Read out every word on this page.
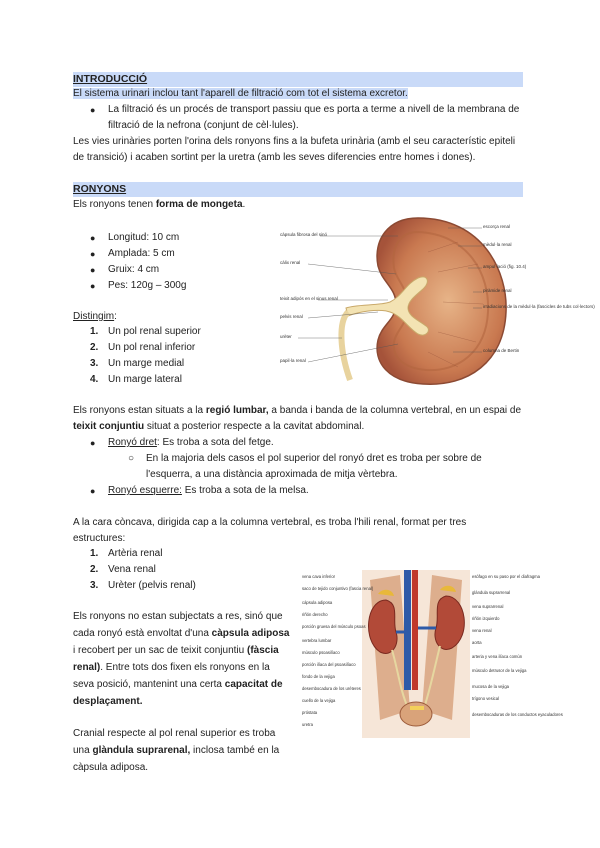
INTRODUCCIÓ
El sistema urinari inclou tant l'aparell de filtració com tot el sistema excretor.
● La filtració és un procés de transport passiu que es porta a terme a nivell de la membrana de
filtració de la nefrona (conjunt de cèl·lules).
Les vies urinàries porten l'orina dels ronyons fins a la bufeta urinària (amb el seu característic epiteli
de transició) i acaben sortint per la uretra (amb les seves diferencies entre homes i dones).
RONYONS
Els ronyons tenen forma de mongeta.
● Longitud: 10 cm
● Amplada: 5 cm
● Gruix: 4 cm
● Pes: 120g – 300g
Distingim:
1. Un pol renal superior
2. Un pol renal inferior
3. Un marge medial
4. Un marge lateral
càpsula fibrosa del sinó
càlix renal
teixit adipós en el sinus renal
pelvis renal
urèter
papil·la renal
escorça renal
mèdul·la renal
ampul·lació (fig. 10.4)
piràmide renal
irradiacions de la mèdul·la (fascicles de tubs col·lectors)
columna de Bertin
Els ronyons estan situats a la regió lumbar, a banda i banda de la columna vertebral, en un espai de
teixit conjuntiu situat a posterior respecte a la cavitat abdominal.
● Ronyó dret: Es troba a sota del fetge.
○ En la majoria dels casos el pol superior del ronyó dret es troba per sobre de
l'esquerra, a una distància aproximada de mitja vèrtebra.
● Ronyó esquerre: Es troba a sota de la melsa.
A la cara còncava, dirigida cap a la columna vertebral, es troba l'hili renal, format per tres
estructures:
1. Artèria renal
2. Vena renal
3. Urèter (pelvis renal)
Els ronyons no estan subjectats a res, sinó que
cada ronyó està envoltat d'una càpsula adiposa
i recobert per un sac de teixit conjuntiu (fàscia
renal). Entre tots dos fixen els ronyons en la
seva posició, mantenint una certa capacitat de
desplaçament.
Cranial respecte al pol renal superior es troba
una glàndula suprarenal, inclosa també en la
càpsula adiposa.
vena cava inferior
saco de tejido conjuntivo (fascia renal)
cápsula adiposa
riñón derecho
porción gruesa del músculo psoas
vertebra lumbar
músculo psoasilíaco
porción ilíaca del psoasilíaco
fondo de la vejiga
desembocadura de los uréteres
cuello de la vejiga
próstata
uretra
esófago en su paso por el diafragma
glándula suprarrenal
vena suprarrenal
riñón izquierdo
vena renal
aorta
arteria y vena ilíaca común
músculo detrusor de la vejiga
mucosa de la vejiga
trígono vesical
desembocaduras de los conductos eyaculadores
